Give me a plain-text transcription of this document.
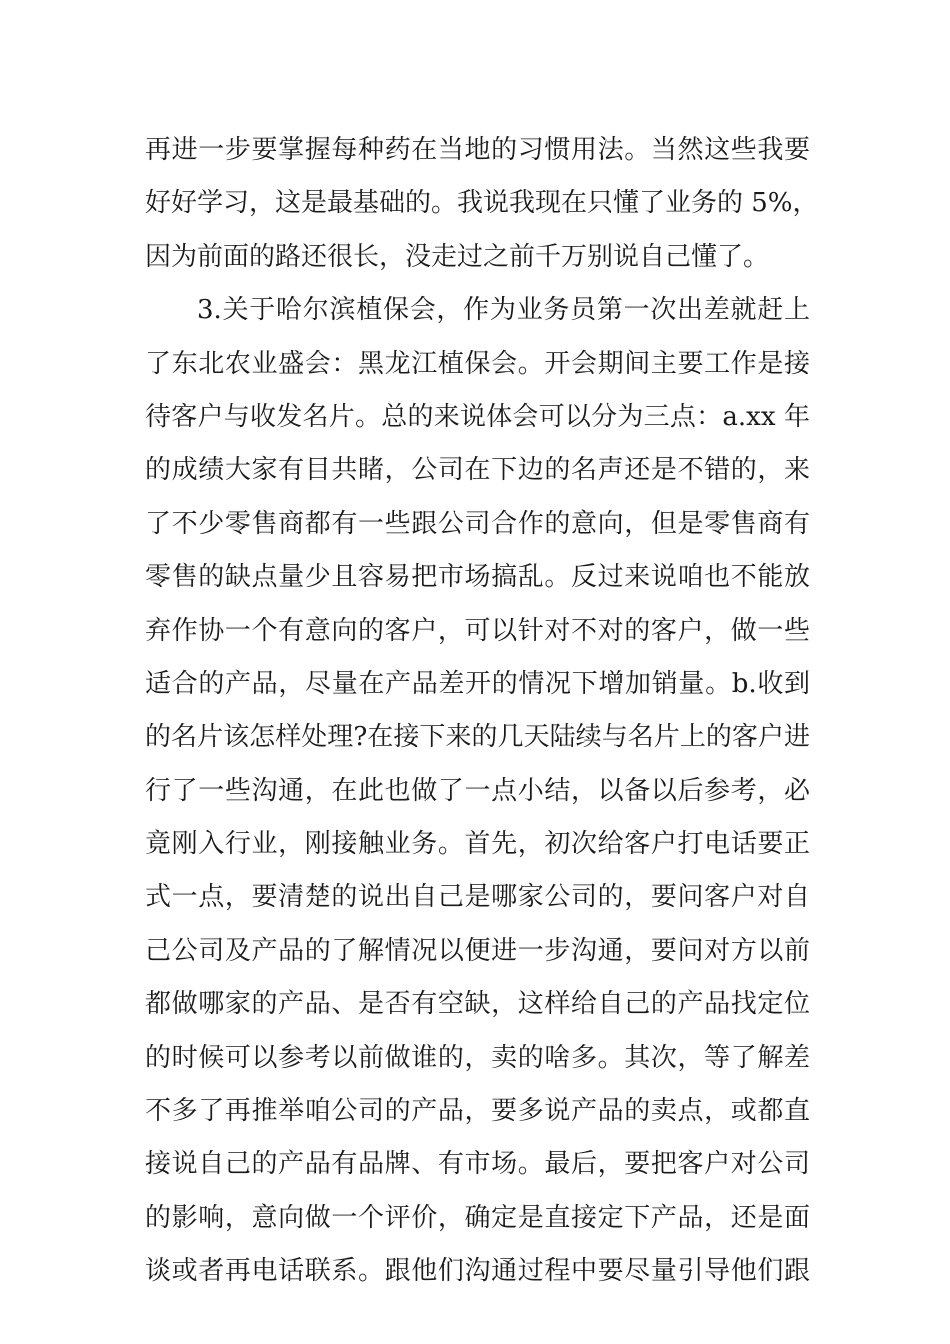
再进一步要掌握每种药在当地的习惯用法。当然这些我要
好好学习，这是最基础的。我说我现在只懂了业务的 5%，
因为前面的路还很长，没走过之前千万别说自己懂了。
3.关于哈尔滨植保会，作为业务员第一次出差就赶上
了东北农业盛会：黑龙江植保会。开会期间主要工作是接
待客户与收发名片。总的来说体会可以分为三点：a.xx 年
的成绩大家有目共睹，公司在下边的名声还是不错的，来
了不少零售商都有一些跟公司合作的意向，但是零售商有
零售的缺点量少且容易把市场搞乱。反过来说咱也不能放
弃作协一个有意向的客户，可以针对不对的客户，做一些
适合的产品，尽量在产品差开的情况下增加销量。b.收到
的名片该怎样处理?在接下来的几天陆续与名片上的客户进
行了一些沟通，在此也做了一点小结，以备以后参考，必
竟刚入行业，刚接触业务。首先，初次给客户打电话要正
式一点，要清楚的说出自己是哪家公司的，要问客户对自
己公司及产品的了解情况以便进一步沟通，要问对方以前
都做哪家的产品、是否有空缺，这样给自己的产品找定位
的时候可以参考以前做谁的，卖的啥多。其次，等了解差
不多了再推举咱公司的产品，要多说产品的卖点，或都直
接说自己的产品有品牌、有市场。最后，要把客户对公司
的影响，意向做一个评价，确定是直接定下产品，还是面
谈或者再电话联系。跟他们沟通过程中要尽量引导他们跟
